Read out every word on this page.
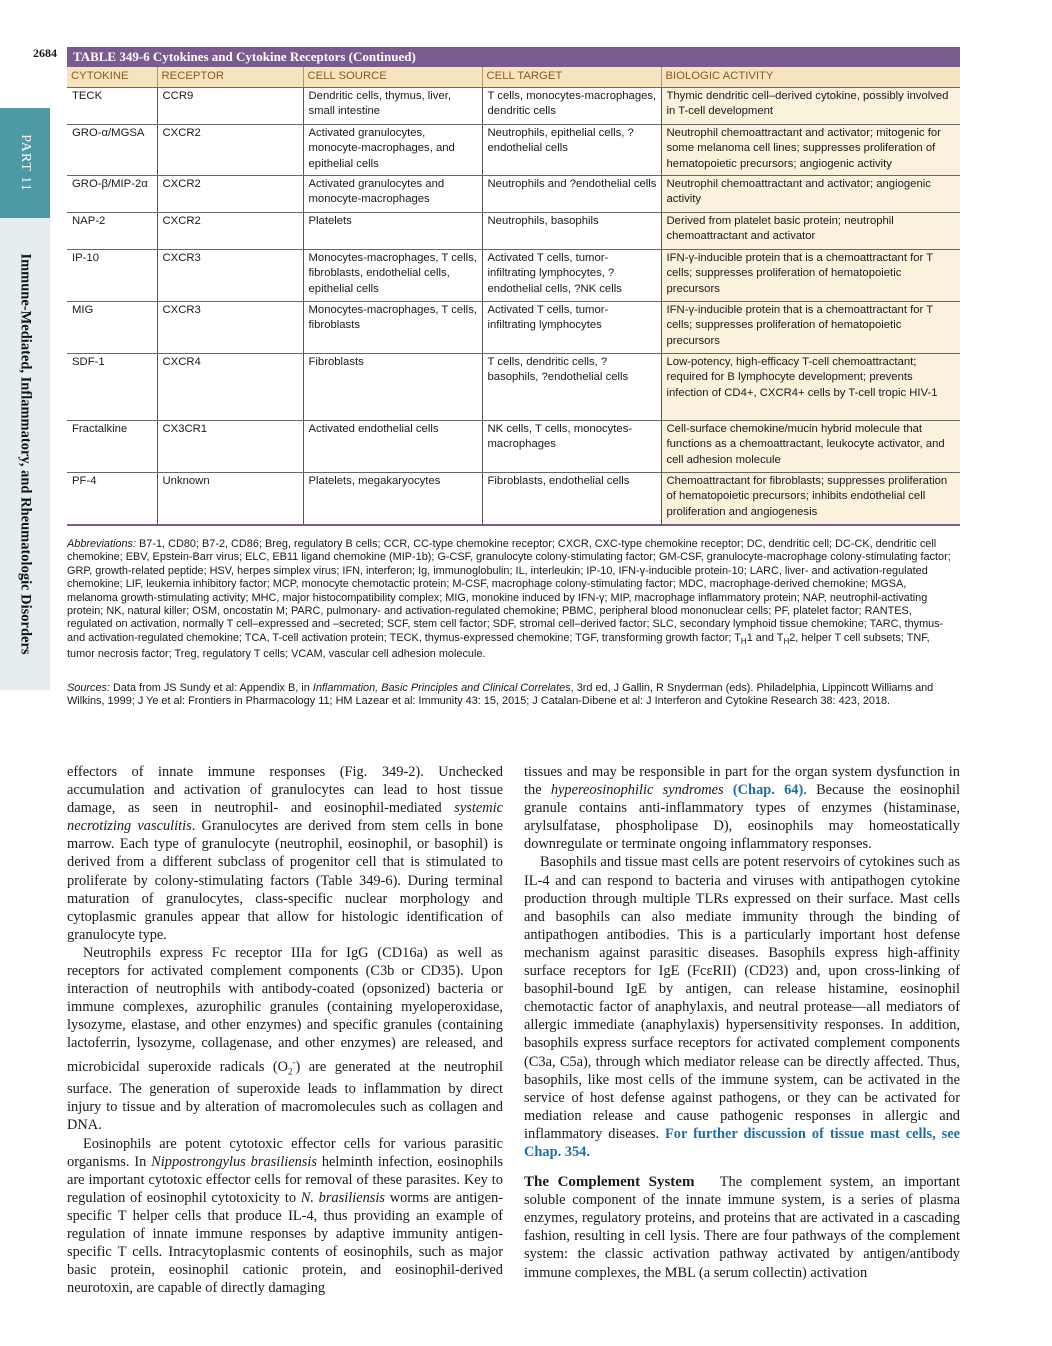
2684
PART 11
Immune-Mediated, Inflammatory, and Rheumatologic Disorders
TABLE 349-6 Cytokines and Cytokine Receptors (Continued)
CYTOKINE	RECEPTOR	CELL SOURCE	CELL TARGET	BIOLOGIC ACTIVITY
TECK	CCR9	Dendritic cells, thymus, liver, small intestine	T cells, monocytes-macrophages, dendritic cells	Thymic dendritic cell–derived cytokine, possibly involved in T-cell development
GRO-α/MGSA	CXCR2	Activated granulocytes, monocyte-macrophages, and epithelial cells	Neutrophils, epithelial cells, ?endothelial cells	Neutrophil chemoattractant and activator; mitogenic for some melanoma cell lines; suppresses proliferation of hematopoietic precursors; angiogenic activity
GRO-β/MIP-2α	CXCR2	Activated granulocytes and monocyte-macrophages	Neutrophils and ?endothelial cells	Neutrophil chemoattractant and activator; angiogenic activity
NAP-2	CXCR2	Platelets	Neutrophils, basophils	Derived from platelet basic protein; neutrophil chemoattractant and activator
IP-10	CXCR3	Monocytes-macrophages, T cells, fibroblasts, endothelial cells, epithelial cells	Activated T cells, tumor-infiltrating lymphocytes, ?endothelial cells, ?NK cells	IFN-γ-inducible protein that is a chemoattractant for T cells; suppresses proliferation of hematopoietic precursors
MIG	CXCR3	Monocytes-macrophages, T cells, fibroblasts	Activated T cells, tumor-infiltrating lymphocytes	IFN-γ-inducible protein that is a chemoattractant for T cells; suppresses proliferation of hematopoietic precursors
SDF-1	CXCR4	Fibroblasts	T cells, dendritic cells, ?basophils, ?endothelial cells	Low-potency, high-efficacy T-cell chemoattractant; required for B lymphocyte development; prevents infection of CD4+, CXCR4+ cells by T-cell tropic HIV-1
Fractalkine	CX3CR1	Activated endothelial cells	NK cells, T cells, monocytes-macrophages	Cell-surface chemokine/mucin hybrid molecule that functions as a chemoattractant, leukocyte activator, and cell adhesion molecule
PF-4	Unknown	Platelets, megakaryocytes	Fibroblasts, endothelial cells	Chemoattractant for fibroblasts; suppresses proliferation of hematopoietic precursors; inhibits endothelial cell proliferation and angiogenesis
Abbreviations: B7-1, CD80; B7-2, CD86; Breg, regulatory B cells; CCR, CC-type chemokine receptor; CXCR, CXC-type chemokine receptor; DC, dendritic cell; DC-CK, dendritic cell chemokine; EBV, Epstein-Barr virus; ELC, EB11 ligand chemokine (MIP-1b); G-CSF, granulocyte colony-stimulating factor; GM-CSF, granulocyte-macrophage colony-stimulating factor; GRP, growth-related peptide; HSV, herpes simplex virus; IFN, interferon; Ig, immunoglobulin; IL, interleukin; IP-10, IFN-γ-inducible protein-10; LARC, liver- and activation-regulated chemokine; LIF, leukemia inhibitory factor; MCP, monocyte chemotactic protein; M-CSF, macrophage colony-stimulating factor; MDC, macrophage-derived chemokine; MGSA, melanoma growth-stimulating activity; MHC, major histocompatibility complex; MIG, monokine induced by IFN-γ; MIP, macrophage inflammatory protein; NAP, neutrophil-activating protein; NK, natural killer; OSM, oncostatin M; PARC, pulmonary- and activation-regulated chemokine; PBMC, peripheral blood mononuclear cells; PF, platelet factor; RANTES, regulated on activation, normally T cell–expressed and –secreted; SCF, stem cell factor; SDF, stromal cell–derived factor; SLC, secondary lymphoid tissue chemokine; TARC, thymus- and activation-regulated chemokine; TCA, T-cell activation protein; TECK, thymus-expressed chemokine; TGF, transforming growth factor; $T_H1$ and $T_H2$, helper T cell subsets; TNF, tumor necrosis factor; Treg, regulatory T cells; VCAM, vascular cell adhesion molecule.
Sources: Data from JS Sundy et al: Appendix B, in Inflammation, Basic Principles and Clinical Correlates, 3rd ed, J Gallin, R Snyderman (eds). Philadelphia, Lippincott Williams and Wilkins, 1999; J Ye et al: Frontiers in Pharmacology 11; HM Lazear et al: Immunity 43: 15, 2015; J Catalan-Dibene et al: J Interferon and Cytokine Research 38: 423, 2018.

effectors of innate immune responses (Fig. 349-2). Unchecked accumulation and activation of granulocytes can lead to host tissue damage, as seen in neutrophil- and eosinophil-mediated systemic necrotizing vasculitis. Granulocytes are derived from stem cells in bone marrow. Each type of granulocyte (neutrophil, eosinophil, or basophil) is derived from a different subclass of progenitor cell that is stimulated to proliferate by colony-stimulating factors (Table 349-6). During terminal maturation of granulocytes, class-specific nuclear morphology and cytoplasmic granules appear that allow for histologic identification of granulocyte type.

Neutrophils express Fc receptor IIIa for IgG (CD16a) as well as receptors for activated complement components (C3b or CD35). Upon interaction of neutrophils with antibody-coated (opsonized) bacteria or immune complexes, azurophilic granules (containing myeloperoxidase, lysozyme, elastase, and other enzymes) and specific granules (containing lactoferrin, lysozyme, collagenase, and other enzymes) are released, and microbicidal superoxide radicals $(O_2^-)$ are generated at the neutrophil surface. The generation of superoxide leads to inflammation by direct injury to tissue and by alteration of macromolecules such as collagen and DNA.

Eosinophils are potent cytotoxic effector cells for various parasitic organisms. In Nippostrongylus brasiliensis helminth infection, eosinophils are important cytotoxic effector cells for removal of these parasites. Key to regulation of eosinophil cytotoxicity to N. brasiliensis worms are antigen-specific T helper cells that produce IL-4, thus providing an example of regulation of innate immune responses by adaptive immunity antigen-specific T cells. Intracytoplasmic contents of eosinophils, such as major basic protein, eosinophil cationic protein, and eosinophil-derived neurotoxin, are capable of directly damaging

tissues and may be responsible in part for the organ system dysfunction in the hypereosinophilic syndromes (Chap. 64). Because the eosinophil granule contains anti-inflammatory types of enzymes (histaminase, arylsulfatase, phospholipase D), eosinophils may homeostatically downregulate or terminate ongoing inflammatory responses.

Basophils and tissue mast cells are potent reservoirs of cytokines such as IL-4 and can respond to bacteria and viruses with antipathogen cytokine production through multiple TLRs expressed on their surface. Mast cells and basophils can also mediate immunity through the binding of antipathogen antibodies. This is a particularly important host defense mechanism against parasitic diseases. Basophils express high-affinity surface receptors for IgE (FcεRII) (CD23) and, upon cross-linking of basophil-bound IgE by antigen, can release histamine, eosinophil chemotactic factor of anaphylaxis, and neutral protease—all mediators of allergic immediate (anaphylaxis) hypersensitivity responses. In addition, basophils express surface receptors for activated complement components (C3a, C5a), through which mediator release can be directly affected. Thus, basophils, like most cells of the immune system, can be activated in the service of host defense against pathogens, or they can be activated for mediation release and cause pathogenic responses in allergic and inflammatory diseases. For further discussion of tissue mast cells, see Chap. 354.

The Complement System The complement system, an important soluble component of the innate immune system, is a series of plasma enzymes, regulatory proteins, and proteins that are activated in a cascading fashion, resulting in cell lysis. There are four pathways of the complement system: the classic activation pathway activated by antigen/antibody immune complexes, the MBL (a serum collectin) activation
